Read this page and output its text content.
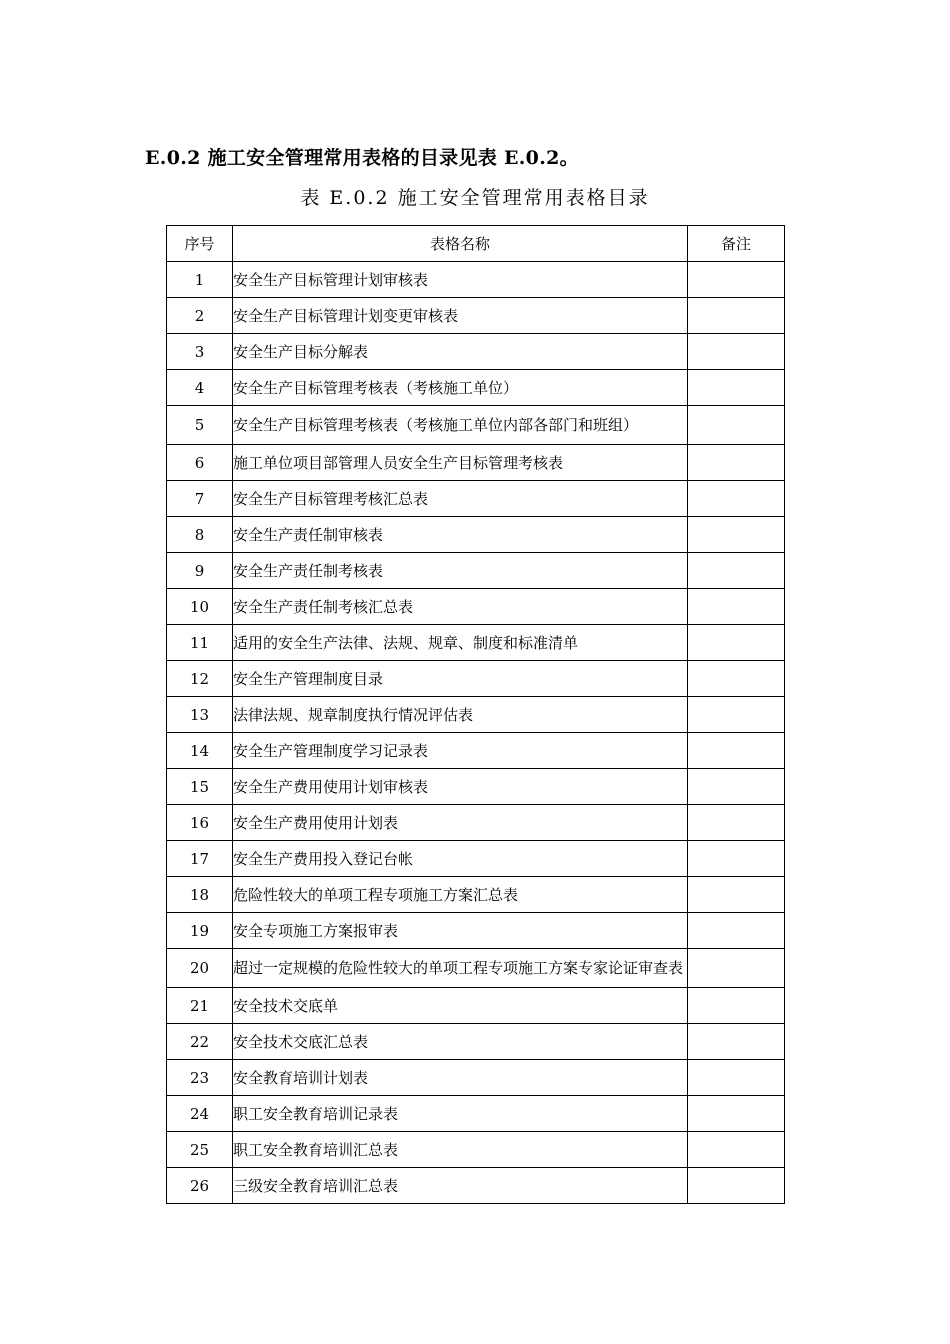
E.0.2 施工安全管理常用表格的目录见表 E.0.2。
表 E.0.2 施工安全管理常用表格目录
序号	表格名称	备注
1	安全生产目标管理计划审核表	
2	安全生产目标管理计划变更审核表	
3	安全生产目标分解表	
4	安全生产目标管理考核表（考核施工单位）	
5	安全生产目标管理考核表（考核施工单位内部各部门和班组）	
6	施工单位项目部管理人员安全生产目标管理考核表	
7	安全生产目标管理考核汇总表	
8	安全生产责任制审核表	
9	安全生产责任制考核表	
10	安全生产责任制考核汇总表	
11	适用的安全生产法律、法规、规章、制度和标准清单	
12	安全生产管理制度目录	
13	法律法规、规章制度执行情况评估表	
14	安全生产管理制度学习记录表	
15	安全生产费用使用计划审核表	
16	安全生产费用使用计划表	
17	安全生产费用投入登记台帐	
18	危险性较大的单项工程专项施工方案汇总表	
19	安全专项施工方案报审表	
20	超过一定规模的危险性较大的单项工程专项施工方案专家论证审查表	
21	安全技术交底单	
22	安全技术交底汇总表	
23	安全教育培训计划表	
24	职工安全教育培训记录表	
25	职工安全教育培训汇总表	
26	三级安全教育培训汇总表	
